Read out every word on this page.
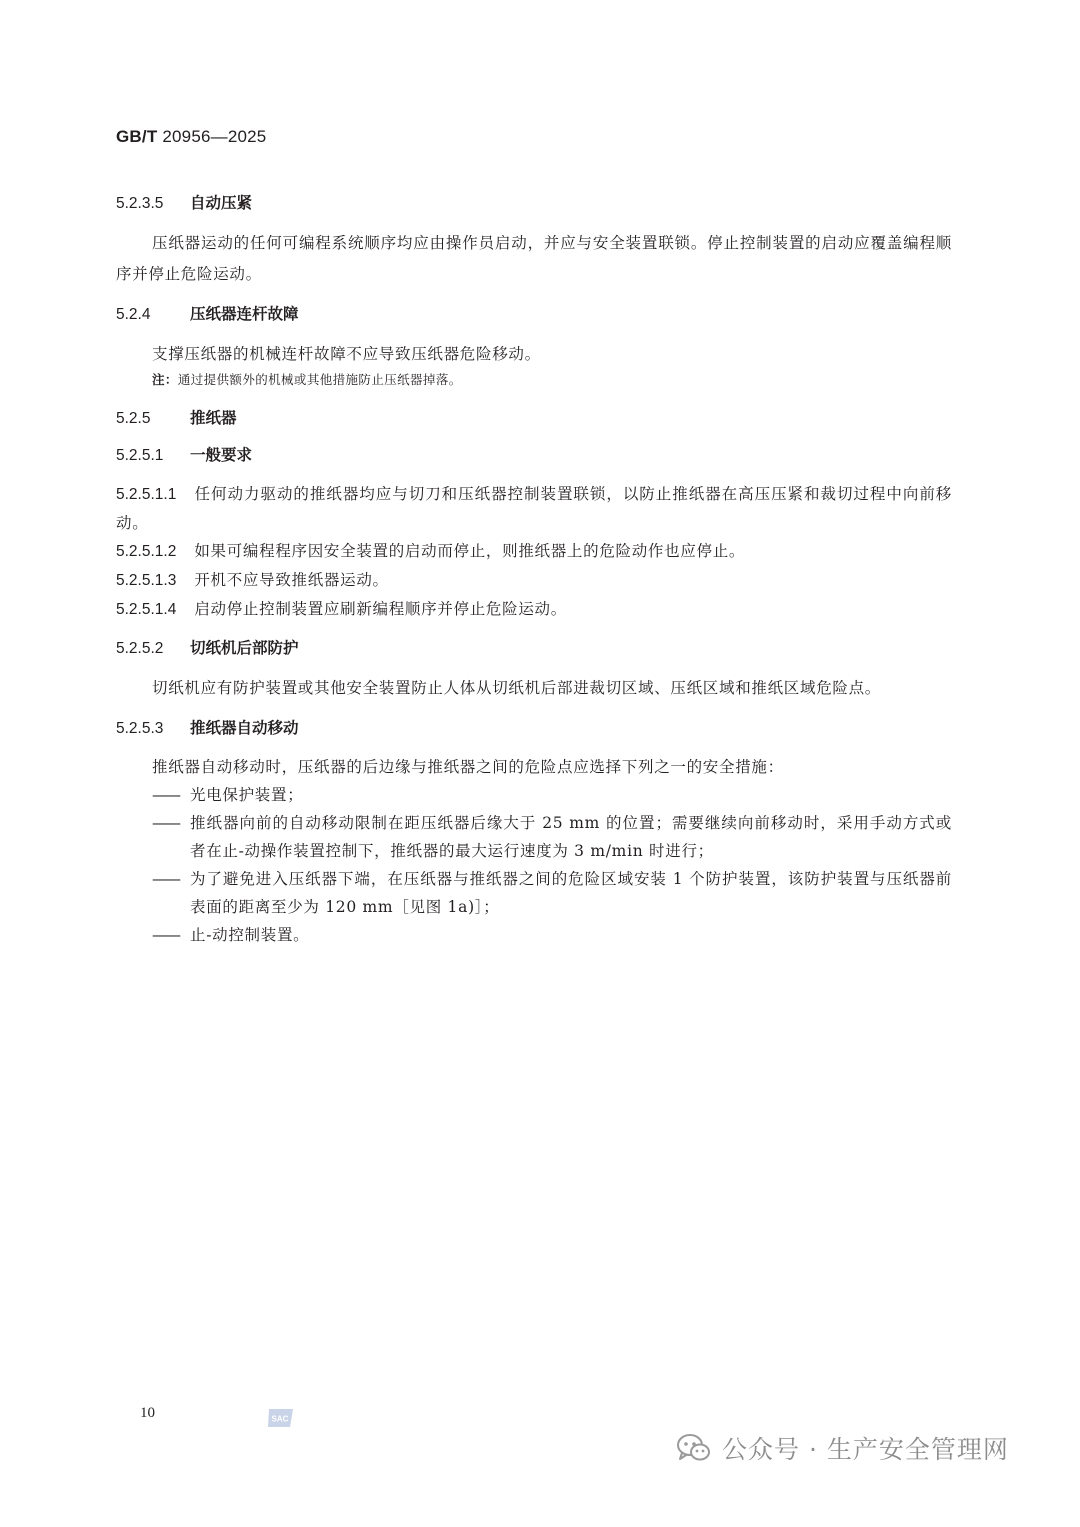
GB/T 20956—2025
5.2.3.5 自动压紧

压纸器运动的任何可编程系统顺序均应由操作员启动，并应与安全装置联锁。停止控制装置的启动应覆盖编程顺序并停止危险运动。

5.2.4	压纸器连杆故障

支撑压纸器的机械连杆故障不应导致压纸器危险移动。

注：通过提供额外的机械或其他措施防止压纸器掉落。

5.2.5	推纸器
5.2.5.1 一般要求

5.2.5.1.1 任何动力驱动的推纸器均应与切刀和压纸器控制装置联锁，以防止推纸器在高压压紧和裁切过程中向前移动。

5.2.5.1.2 如果可编程程序因安全装置的启动而停止，则推纸器上的危险动作也应停止。

5.2.5.1.3 开机不应导致推纸器运动。

5.2.5.1.4 启动停止控制装置应刷新编程顺序并停止危险运动。

5.2.5.2 切纸机后部防护

切纸机应有防护装置或其他安全装置防止人体从切纸机后部进裁切区域、压纸区域和推纸区域危险点。

5.2.5.3 推纸器自动移动

推纸器自动移动时，压纸器的后边缘与推纸器之间的危险点应选择下列之一的安全措施：

—— 光电保护装置；
—— 推纸器向前的自动移动限制在距压纸器后缘大于 25 mm 的位置；需要继续向前移动时，采用手动方式或者在止-动操作装置控制下，推纸器的最大运行速度为 3 m/min 时进行；
—— 为了避免进入压纸器下端，在压纸器与推纸器之间的危险区域安装 1 个防护装置，该防护装置与压纸器前表面的距离至少为 120 mm［见图 1a)］；
—— 止-动控制装置。
10	SAC
公众号 · 生产安全管理网
